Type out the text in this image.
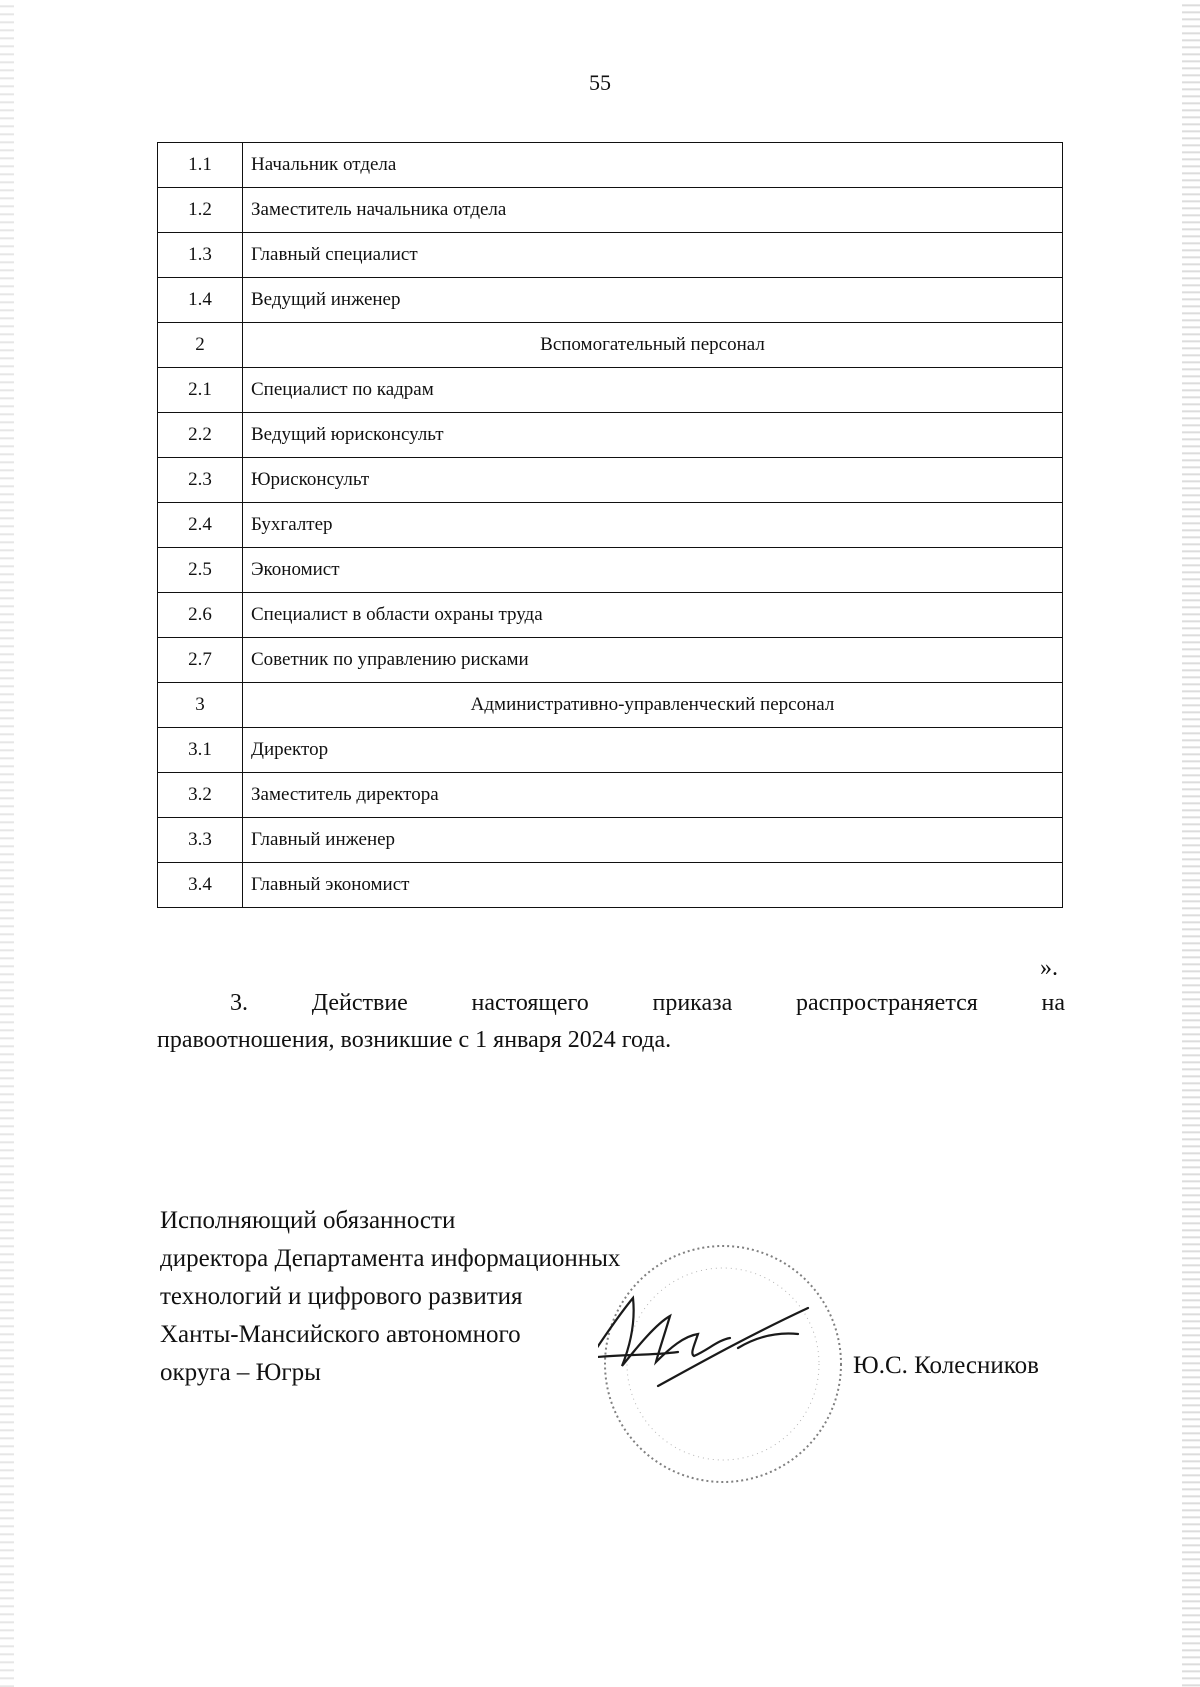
55
1.1	Начальник отдела
1.2	Заместитель начальника отдела
1.3	Главный специалист
1.4	Ведущий инженер
2	Вспомогательный персонал
2.1	Специалист по кадрам
2.2	Ведущий юрисконсульт
2.3	Юрисконсульт
2.4	Бухгалтер
2.5	Экономист
2.6	Специалист в области охраны труда
2.7	Советник по управлению рисками
3	Административно-управленческий персонал
3.1	Директор
3.2	Заместитель директора
3.3	Главный инженер
3.4	Главный экономист
».
3.	Действие	настоящего	приказа	распространяется	на
правоотношения, возникшие с 1 января 2024 года.
Исполняющий обязанности
директора Департамента информационных
технологий и цифрового развития
Ханты-Мансийского автономного
округа – Югры	Ю.С. Колесников
